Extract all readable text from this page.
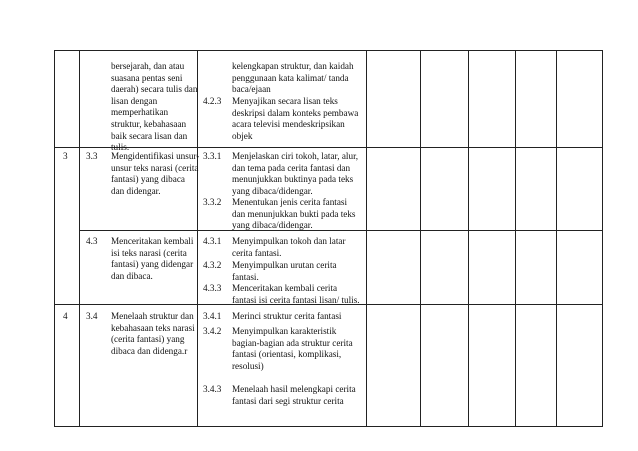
bersejarah, dan atau
suasana pentas seni
daerah) secara tulis dan
lisan dengan
memperhatikan
struktur, kebahasaan
baik secara lisan dan
tulis.
kelengkapan struktur, dan kaidah
penggunaan kata kalimat/ tanda
baca/ejaan
4.2.3 Menyajikan secara lisan teks
deskripsi dalam konteks pembawa
acara televisi mendeskripsikan
objek
3 3.3 Mengidentifikasi unsur-
unsur teks narasi (cerita
fantasi) yang dibaca
dan didengar.
3.3.1 Menjelaskan ciri tokoh, latar, alur,
dan tema pada cerita fantasi dan
menunjukkan buktinya pada teks
yang dibaca/didengar.
3.3.2 Menentukan jenis cerita fantasi
dan menunjukkan bukti pada teks
yang dibaca/didengar.
4.3 Menceritakan kembali
isi teks narasi (cerita
fantasi) yang didengar
dan dibaca.
4.3.1 Menyimpulkan tokoh dan latar
cerita fantasi.
4.3.2 Menyimpulkan urutan cerita
fantasi.
4.3.3 Menceritakan kembali cerita
fantasi isi cerita fantasi lisan/ tulis.
4 3.4 Menelaah struktur dan
kebahasaan teks narasi
(cerita fantasi) yang
dibaca dan didenga.r
3.4.1 Merinci struktur cerita fantasi
3.4.2 Menyimpulkan karakteristik
bagian-bagian ada struktur cerita
fantasi (orientasi, komplikasi,
resolusi)
3.4.3 Menelaah hasil melengkapi cerita
fantasi dari segi struktur cerita
